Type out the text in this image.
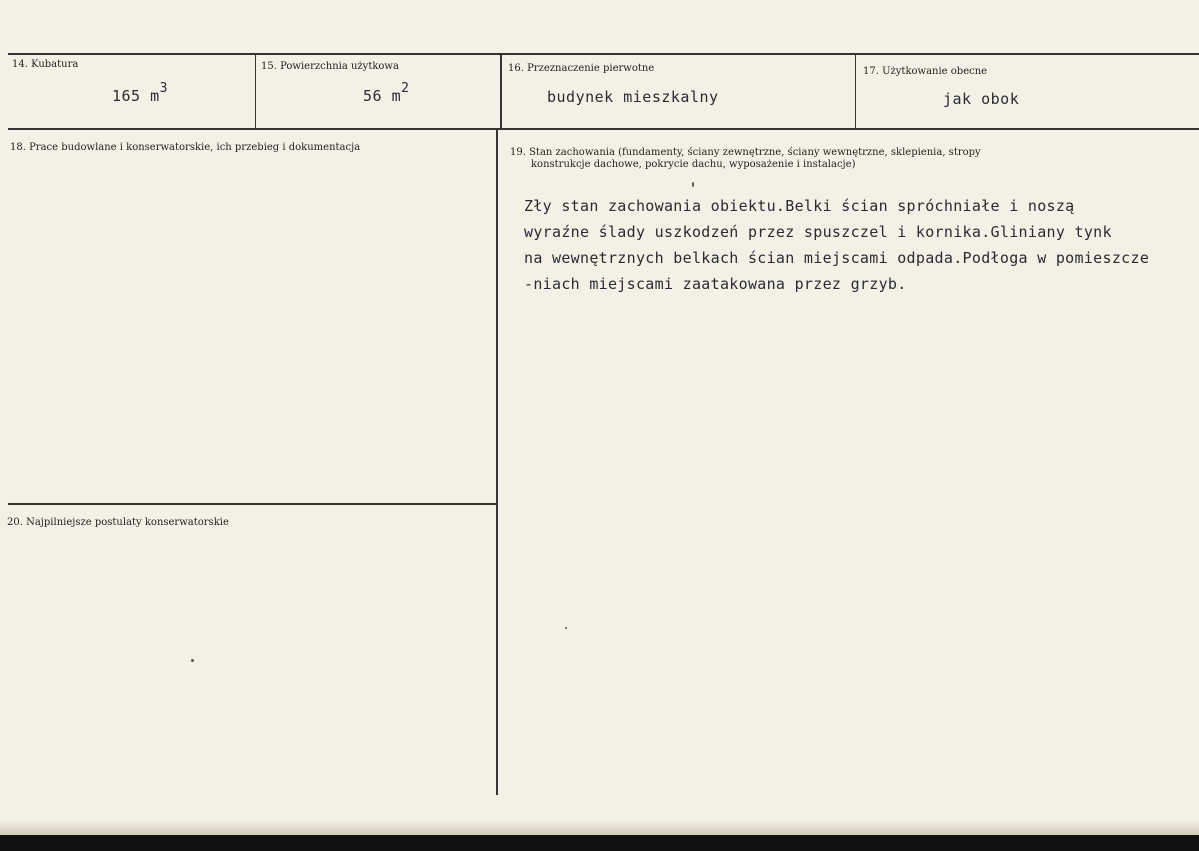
14. Kubatura
165 m3
15. Powierzchnia użytkowa
56 m2
16. Przeznaczenie pierwotne
budynek mieszkalny
17. Użytkowanie obecne
jak obok
18. Prace budowlane i konserwatorskie, ich przebieg i dokumentacja	19. Stan zachowania (fundamenty, ściany zewnętrzne, ściany wewnętrzne, sklepienia, stropy
konstrukcje dachowe, pokrycie dachu, wyposażenie i instalacje)
Zły stan zachowania obiektu.Belki ścian spróchniałe i noszą
wyraźne ślady uszkodzeń przez spuszczel i kornika.Gliniany tynk
na wewnętrznych belkach ścian miejscami odpada.Podłoga w pomieszcze
-niach miejscami zaatakowana przez grzyb.
20. Najpilniejsze postulaty konserwatorskie
